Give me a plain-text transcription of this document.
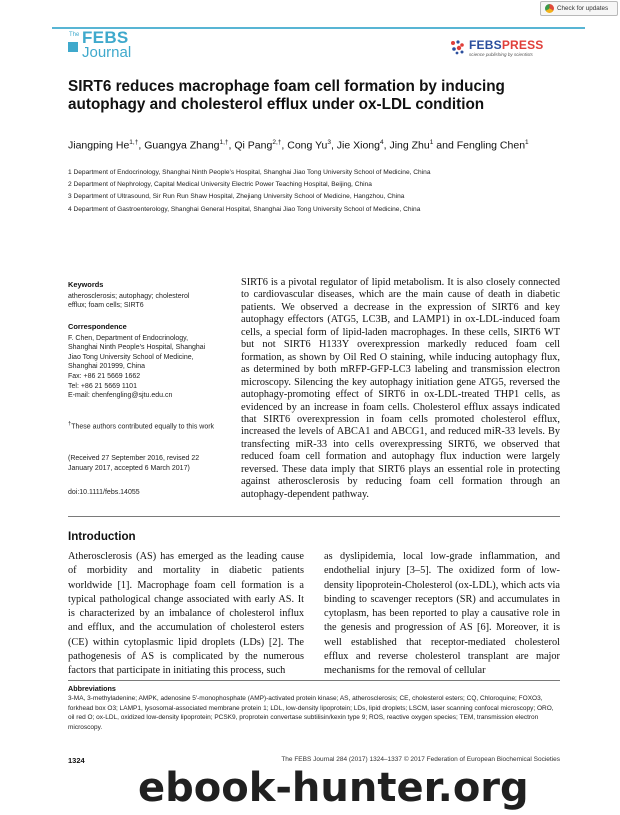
Check for updates
The FEBS
Journal	FEBSPRESS
science publishing by scientists
SIRT6 reduces macrophage foam cell formation by inducing autophagy and cholesterol efflux under ox-LDL condition
Jiangping $He^{1,\dagger}$, Guangya Zhang$^{1,\dagger}$, Qi Pang$^{2,\dagger}$, Cong Yu$^3$, Jie Xiong$^4$, Jing Zhu$^1$ and Fengling Chen$^1$

1 Department of Endocrinology, Shanghai Ninth People’s Hospital, Shanghai Jiao Tong University School of Medicine, China

2 Department of Nephrology, Capital Medical University Electric Power Teaching Hospital, Beijing, China

3 Department of Ultrasound, Sir Run Run Shaw Hospital, Zhejiang University School of Medicine, Hangzhou, China

4 Department of Gastroenterology, Shanghai General Hospital, Shanghai Jiao Tong University School of Medicine, China

Keywords

atherosclerosis; autophagy; cholesterol

efflux; foam cells; SIRT6

Correspondence

F. Chen, Department of Endocrinology,

Shanghai Ninth People’s Hospital, Shanghai

Jiao Tong University School of Medicine,

Shanghai 201999, China

Fax: +86 21 5669 1662

Tel: +86 21 5669 1101

E-mail: chenfengling@sjtu.edu.cn

†These authors contributed equally to this work

(Received 27 September 2016, revised 22

January 2017, accepted 6 March 2017)

doi:10.1111/febs.14055

SIRT6 is a pivotal regulator of lipid metabolism. It is also closely connected to cardiovascular diseases, which are the main cause of death in diabetic patients. We observed a decrease in the expression of SIRT6 and key autophagy effectors (ATG5, LC3B, and LAMP1) in ox-LDL-induced foam cells, a special form of lipid-laden macrophages. In these cells, SIRT6 WT but not SIRT6 H133Y overexpression markedly reduced foam cell formation, as shown by Oil Red O staining, while inducing autophagy flux, as determined by both mRFP-GFP-LC3 labeling and transmission electron microscopy. Silencing the key autophagy initiation gene ATG5, reversed the autophagy-promoting effect of SIRT6 in ox-LDL-treated THP1 cells, as evidenced by an increase in foam cells. Cholesterol efflux assays indicated that SIRT6 overexpression in foam cells promoted cholesterol efflux, increased the levels of ABCA1 and ABCG1, and reduced miR-33 levels. By transfecting miR-33 into cells overexpressing SIRT6, we observed that reduced foam cell formation and autophagy flux induction were largely reversed. These data imply that SIRT6 plays an essential role in protecting against atherosclerosis by reducing foam cell formation through an autophagy-dependent pathway.

Introduction

Atherosclerosis (AS) has emerged as the leading cause of morbidity and mortality in diabetic patients worldwide [1]. Macrophage foam cell formation is a typical pathological change associated with early AS. It is characterized by an imbalance of cholesterol influx and efflux, and the accumulation of cholesterol esters (CE) within cytoplasmic lipid droplets (LDs) [2]. The pathogenesis of AS is complicated by the numerous factors that participate in initiating this process, such

as dyslipidemia, local low-grade inflammation, and endothelial injury [3–5]. The oxidized form of low-density lipoprotein-Cholesterol (ox-LDL), which acts via binding to scavenger receptors (SR) and accumulates in cytoplasm, has been reported to play a causative role in the genesis and progression of AS [6]. Moreover, it is well established that receptor-mediated cholesterol efflux and reverse cholesterol transplant are major mechanisms for the removal of cellular

Abbreviations

3-MA, 3-methyladenine; AMPK, adenosine 5′-monophosphate (AMP)-activated protein kinase; AS, atherosclerosis; CE, cholesterol esters; CQ, Chloroquine; FOXO3, forkhead box O3; LAMP1, lysosomal-associated membrane protein 1; LDL, low-density lipoprotein; LDs, lipid droplets; LSCM, laser scanning confocal microscopy; ORO, oil red O; ox-LDL, oxidized low-density lipoprotein; PCSK9, proprotein convertase subtilisin/kexin type 9; ROS, reactive oxygen species; TEM, transmission electron microscopy.

1324	The FEBS Journal 284 (2017) 1324–1337 © 2017 Federation of European Biochemical Societies
ebook-hunter.org
